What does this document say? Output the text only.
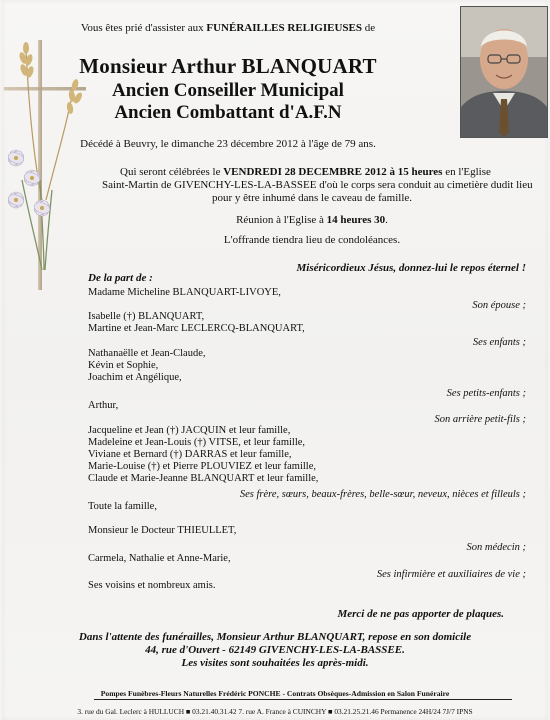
Vous êtes prié d'assister aux FUNÉRAILLES RELIGIEUSES de
Monsieur Arthur BLANQUART
Ancien Conseiller Municipal
Ancien Combattant d'A.F.N
Décédé à Beuvry, le dimanche 23 décembre 2012 à l'âge de 79 ans.
Qui seront célébrées le VENDREDI 28 DECEMBRE 2012 à 15 heures en l'Eglise
Saint-Martin de GIVENCHY-LES-LA-BASSEE d'où le corps sera conduit au cimetière dudit lieu
pour y être inhumé dans le caveau de famille.
Réunion à l'Eglise à 14 heures 30.
L'offrande tiendra lieu de condoléances.
Miséricordieux Jésus, donnez-lui le repos éternel !
De la part de :
Madame Micheline BLANQUART-LIVOYE,
Son épouse ;
Isabelle (†) BLANQUART,
Martine et Jean-Marc LECLERCQ-BLANQUART,
Ses enfants ;
Nathanaëlle et Jean-Claude,
Kévin et Sophie,
Joachim et Angélique,
Ses petits-enfants ;
Arthur,
Son arrière petit-fils ;
Jacqueline et Jean (†) JACQUIN et leur famille,
Madeleine et Jean-Louis (†) VITSE, et leur famille,
Viviane et Bernard (†) DARRAS et leur famille,
Marie-Louise (†) et Pierre PLOUVIEZ et leur famille,
Claude et Marie-Jeanne BLANQUART et leur famille,
Ses frère, sœurs, beaux-frères, belle-sœur, neveux, nièces et filleuls ;
Toute la famille,
Monsieur le Docteur THIEULLET,
Son médecin ;
Carmela, Nathalie et Anne-Marie,
Ses infirmière et auxiliaires de vie ;
Ses voisins et nombreux amis.
Merci de ne pas apporter de plaques.
Dans l'attente des funérailles, Monsieur Arthur BLANQUART, repose en son domicile
44, rue d'Ouvert - 62149 GIVENCHY-LES-LA-BASSEE.
Les visites sont souhaitées les après-midi.
Pompes Funèbres-Fleurs Naturelles Frédéric PONCHE - Contrats Obsèques-Admission en Salon Funéraire
3. rue du Gal. Leclerc à HULLUCH ■ 03.21.40.31.42 7. rue A. France à CUINCHY ■ 03.21.25.21.46 Permanence 24H/24 7J/7 IPNS
